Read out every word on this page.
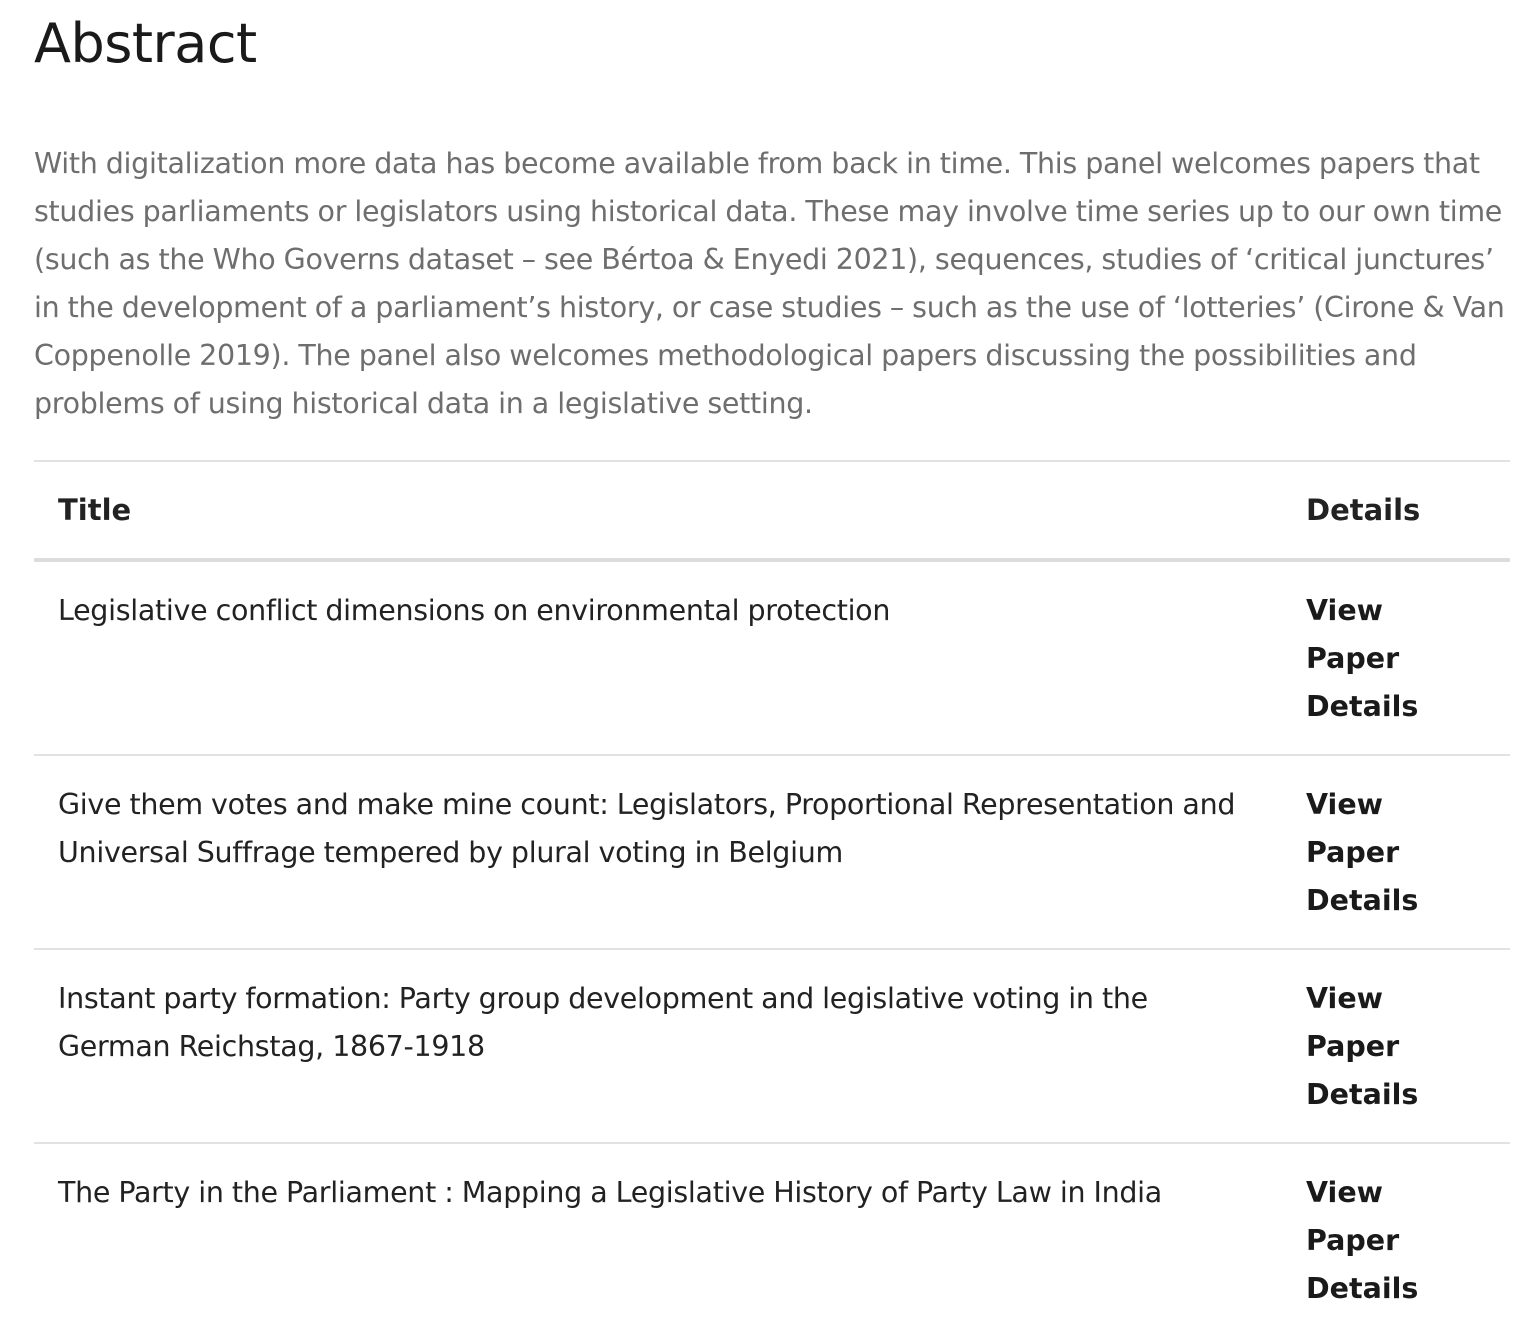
Abstract

With digitalization more data has become available from back in time. This panel welcomes papers that studies parliaments or legislators using historical data. These may involve time series up to our own time (such as the Who Governs dataset – see Bértoa & Enyedi 2021), sequences, studies of ‘critical junctures’ in the development of a parliament’s history, or case studies – such as the use of ‘lotteries’ (Cirone & Van Coppenolle 2019). The panel also welcomes methodological papers discussing the possibilities and problems of using historical data in a legislative setting.

Title	Details
Legislative conflict dimensions on environmental protection	View Paper Details

Give them votes and make mine count: Legislators, Proportional Representation and Universal Suffrage tempered by plural voting in Belgium	View Paper Details

Instant party formation: Party group development and legislative voting in the German Reichstag, 1867-1918	View Paper Details

The Party in the Parliament : Mapping a Legislative History of Party Law in India	View Paper Details
